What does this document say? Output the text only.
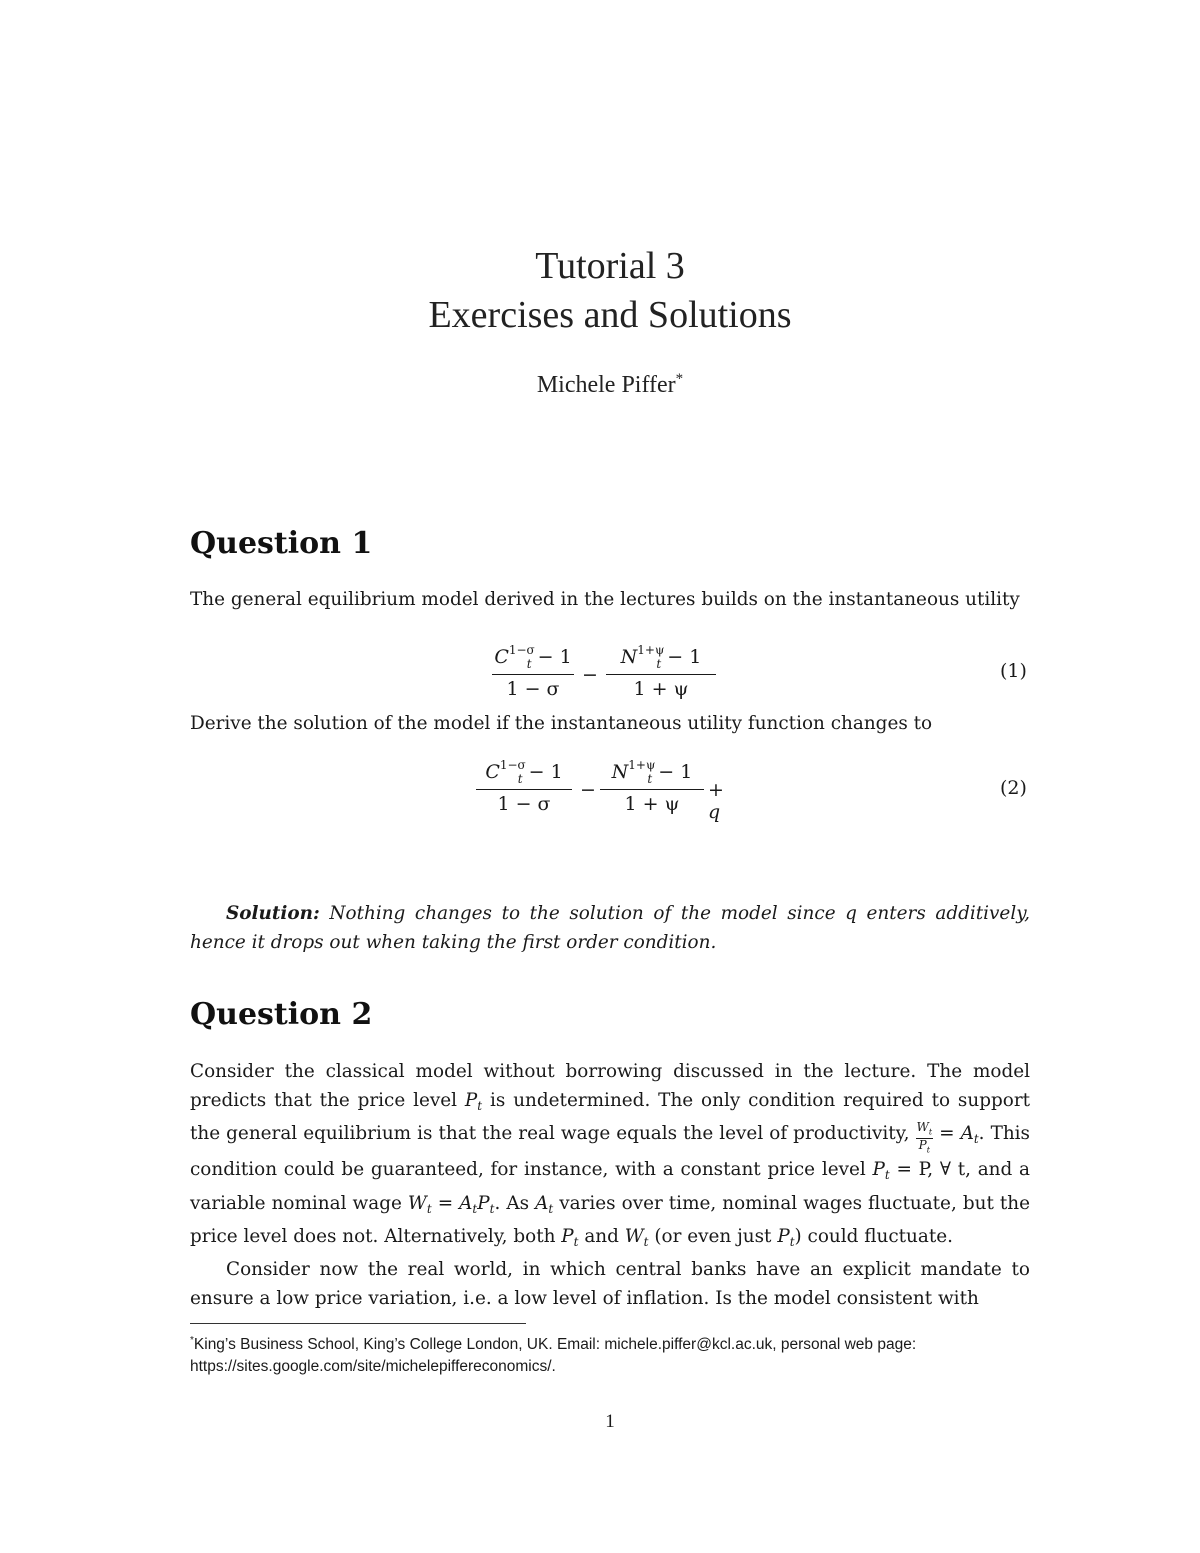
Tutorial 3
Exercises and Solutions
Michele Piffer*
Question 1
The general equilibrium model derived in the lectures builds on the instantaneous utility
$\frac{C^{1-\sigma}_t - 1}{1 - \sigma} - \frac{N^{1+\psi}_t - 1}{1 + \psi}$	(1)
Derive the solution of the model if the instantaneous utility function changes to
$\frac{C^{1-\sigma}_t - 1}{1 - \sigma} - \frac{N^{1+\psi}_t - 1}{1 + \psi} + q$
(2)
Solution: Nothing changes to the solution of the model since q enters additively, hence it drops out when taking the first order condition.
Question 2
Consider the classical model without borrowing discussed in the lecture. The model predicts that the price level $P_t$ is undetermined. The only condition required to support the general equilibrium is that the real wage equals the level of productivity, $\frac{W_t}{P_t} = A_t$. This condition could be guaranteed, for instance, with a constant price level $P_t = P$, ∀ t, and a variable nominal wage $W_t = A_tP_t$. As $A_t$ varies over time, nominal wages fluctuate, but the price level does not. Alternatively, both $P_t$ and $W_t$ (or even just $P_t$) could fluctuate.
Consider now the real world, in which central banks have an explicit mandate to ensure a low price variation, i.e. a low level of inflation. Is the model consistent with
*King’s Business School, King’s College London, UK. Email: michele.piffer@kcl.ac.uk, personal web page: https://sites.google.com/site/michelepiffereconomics/.
1
